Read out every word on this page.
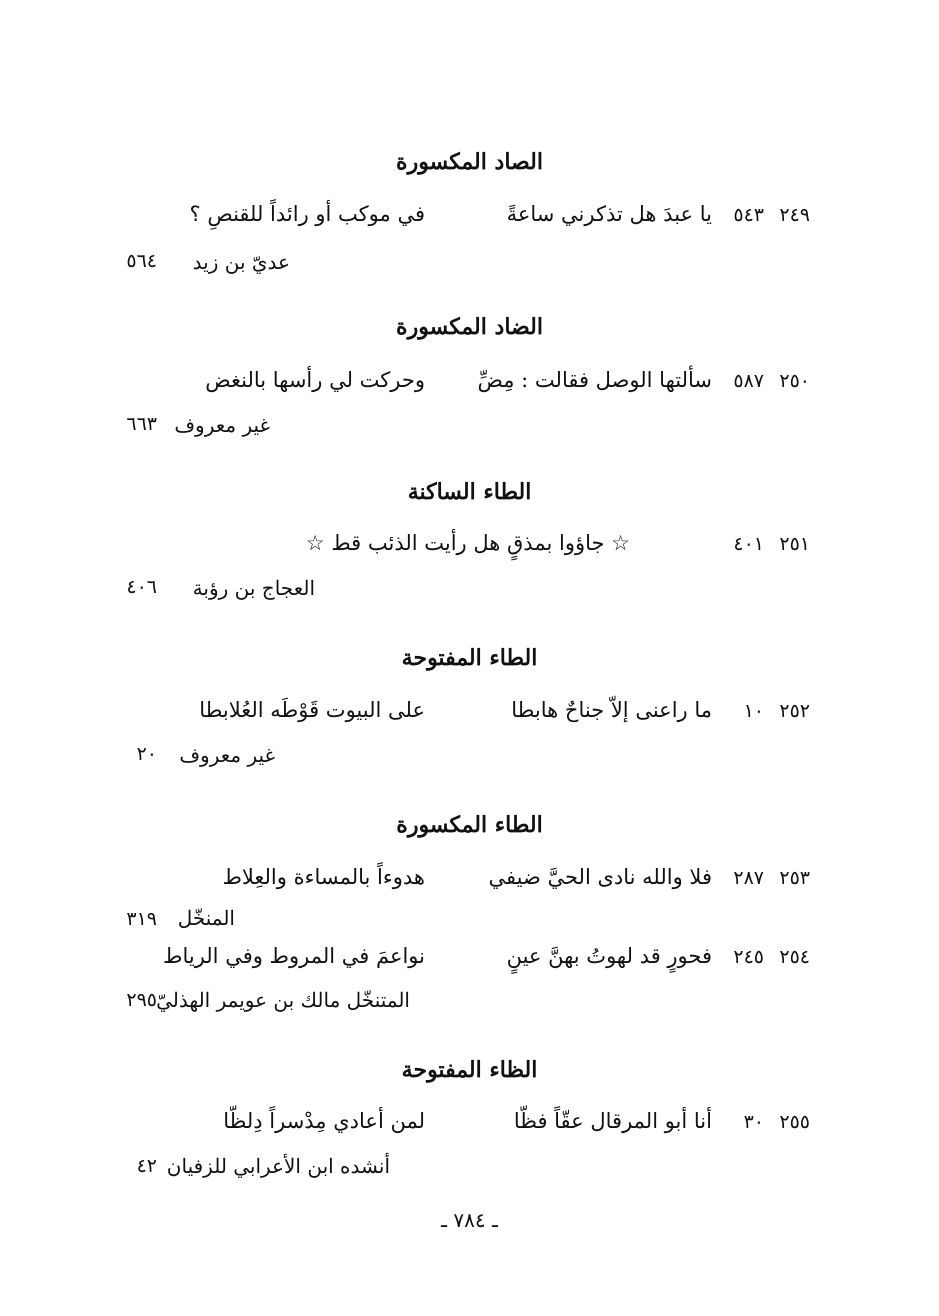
الصاد المكسورة
٢٤٩
٥٤٣
يا عبدَ هل تذكرني ساعةً
في موكب أو رائداً للقنصِ ؟
عديّ بن زيد
٥٦٤
الضاد المكسورة
٢٥٠
٥٨٧
سألتها الوصل فقالت : مِضِّ
وحركت لي رأسها بالنغض
غير معروف
٦٦٣
الطاء الساكنة
٢٥١
٤٠١
☆ جاؤوا بمذقٍ هل رأيت الذئب قط ☆
العجاج بن رؤبة
٤٠٦
الطاء المفتوحة
٢٥٢
١٠
ما راعنى إلاّ جناحٌ هابطا
على البيوت قَوْطَه العُلابطا
غير معروف
٢٠
الطاء المكسورة
٢٥٣
٢٨٧
فلا والله نادى الحيَّ ضيفي
هدوءاً بالمساءة والعِلاط
المنخّل
٣١٩
٢٥٤
٢٤٥
فحورٍ قد لهوتُ بهنَّ عينٍ
نواعمَ في المروط وفي الرياط
المتنخّل مالك بن عويمر الهذليّ
٢٩٥
الظاء المفتوحة
٢٥٥
٣٠
أنا أبو المرقال عقّاً فظّا
لمن أعادي مِدْسراً دِلظّا
أنشده ابن الأعرابي للزفيان
٤٢
ـ ٧٨٤ ـ
